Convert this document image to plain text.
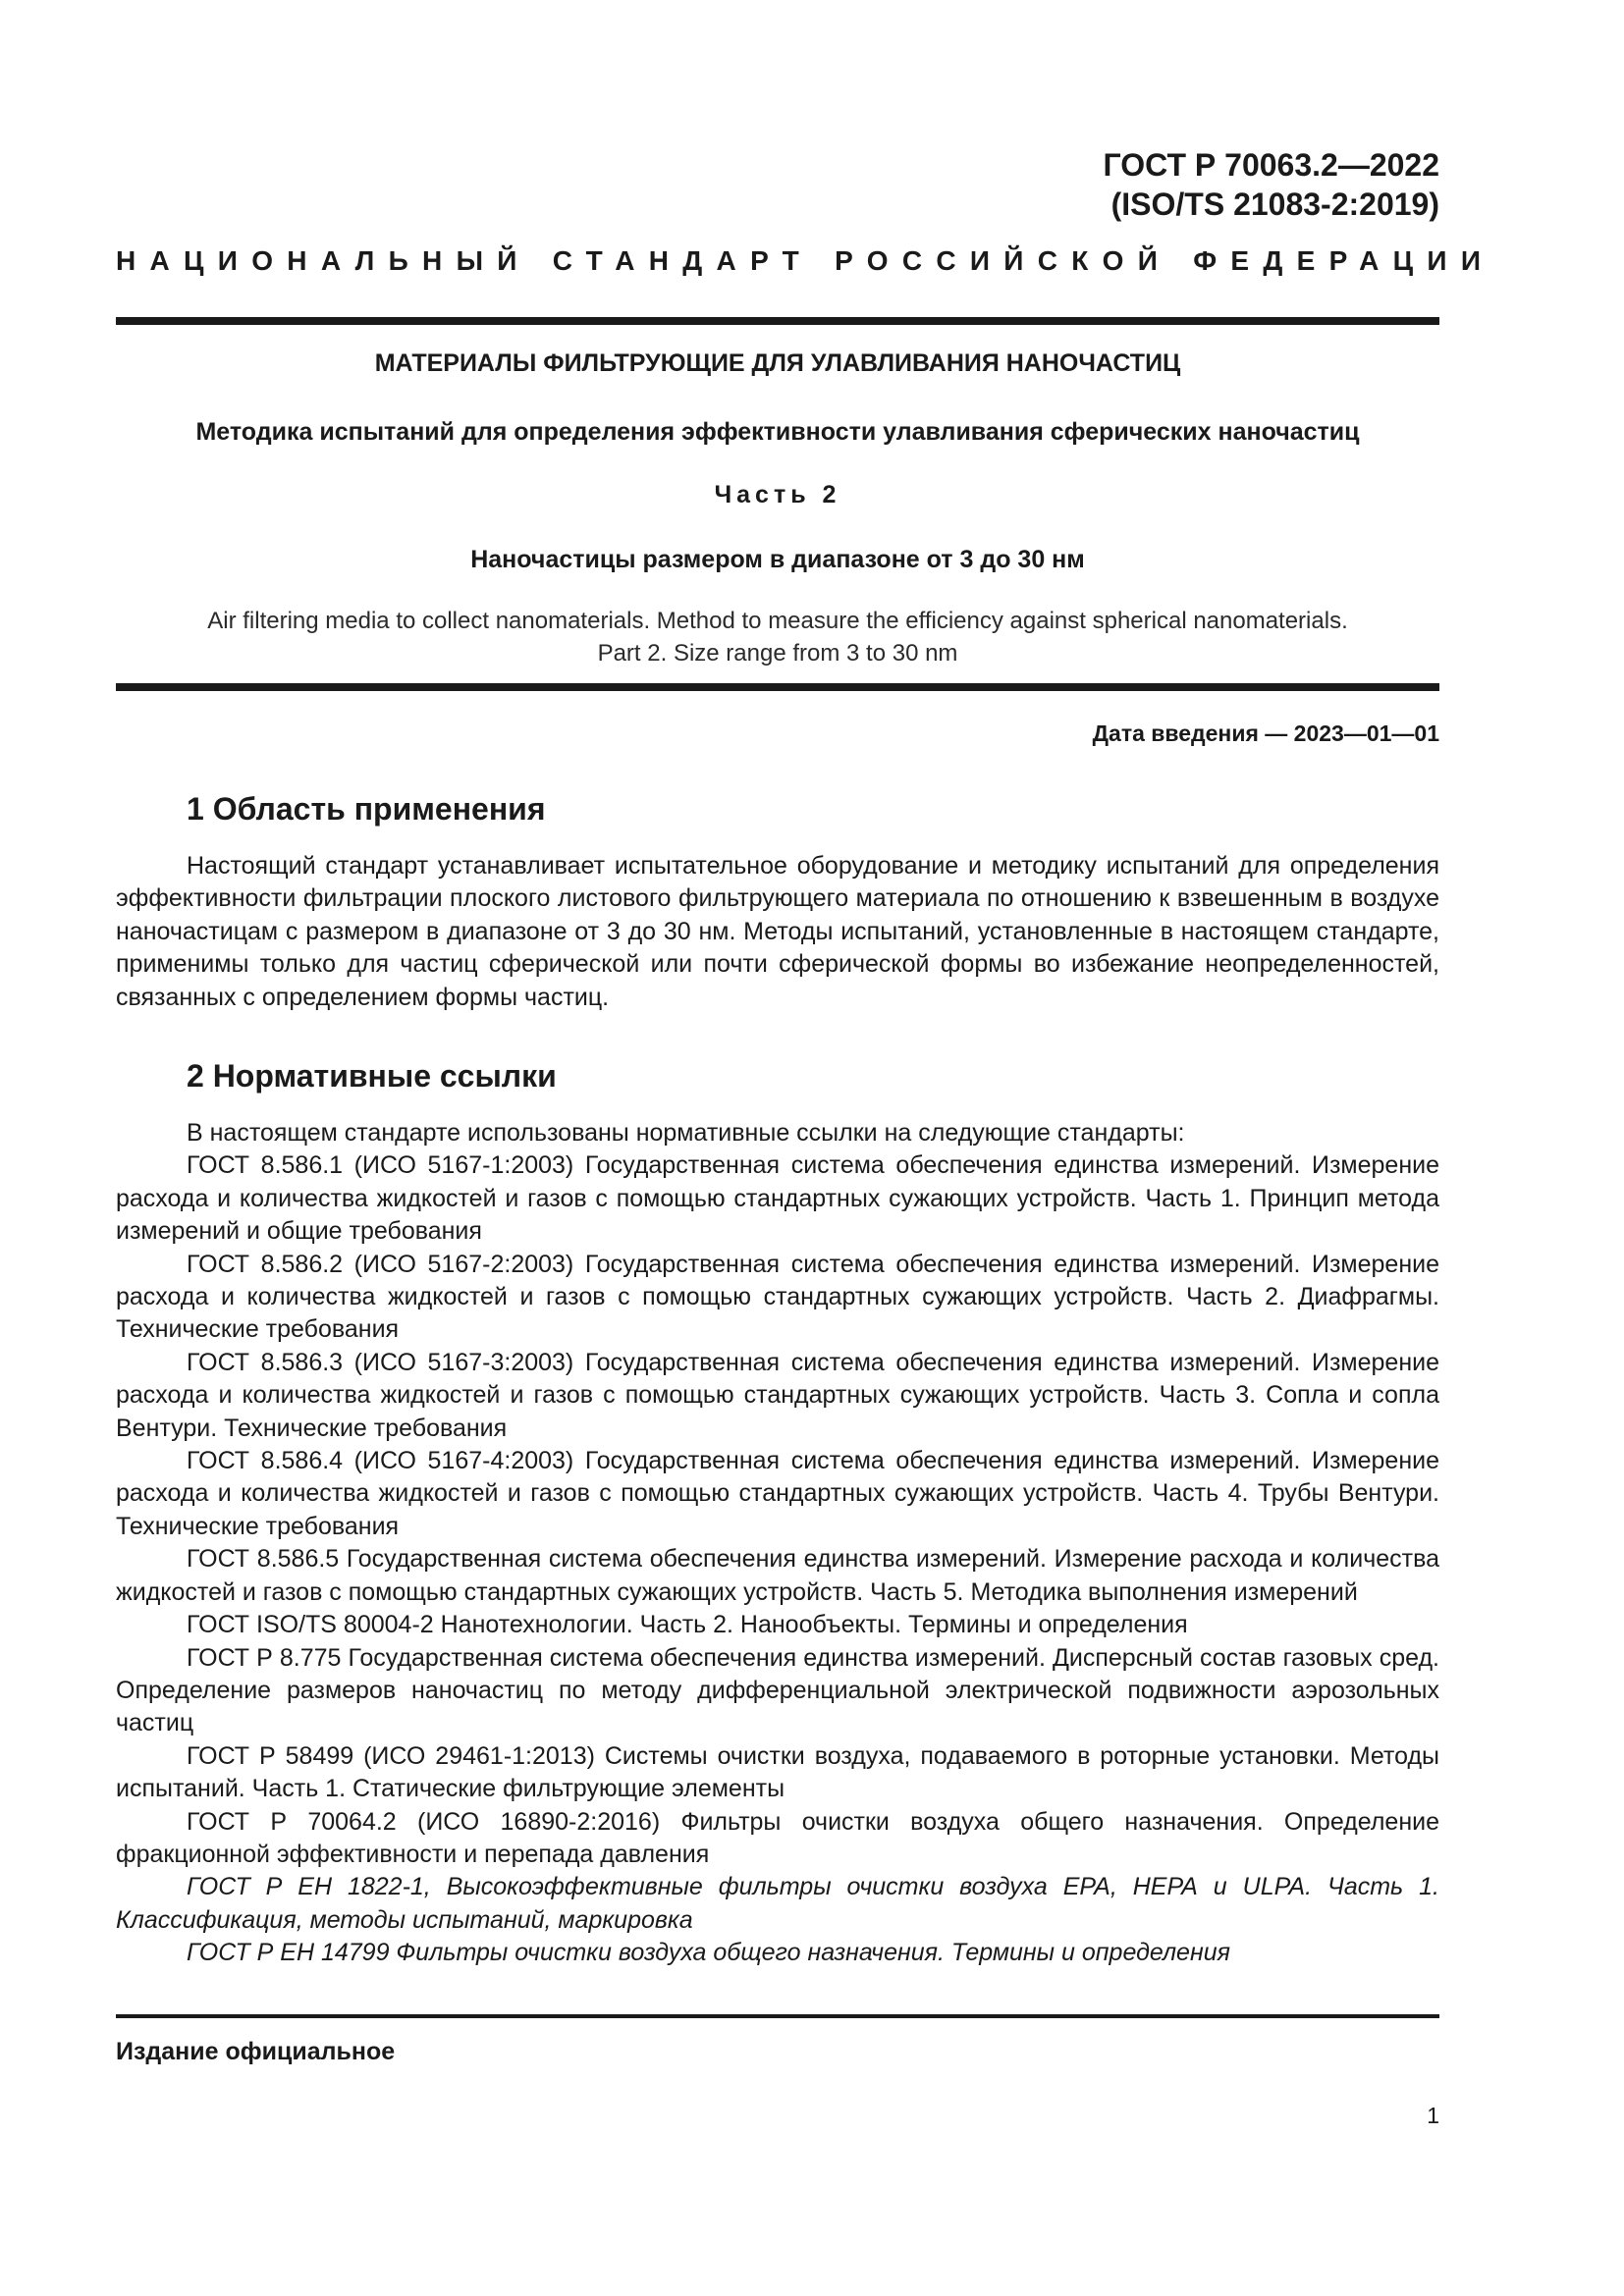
ГОСТ Р 70063.2—2022
(ISO/TS 21083-2:2019)
НАЦИОНАЛЬНЫЙ СТАНДАРТ РОССИЙСКОЙ ФЕДЕРАЦИИ
МАТЕРИАЛЫ ФИЛЬТРУЮЩИЕ ДЛЯ УЛАВЛИВАНИЯ НАНОЧАСТИЦ
Методика испытаний для определения эффективности улавливания сферических наночастиц
Часть 2
Наночастицы размером в диапазоне от 3 до 30 нм
Air filtering media to collect nanomaterials. Method to measure the efficiency against spherical nanomaterials.
Part 2. Size range from 3 to 30 nm
Дата введения — 2023—01—01
1 Область применения

Настоящий стандарт устанавливает испытательное оборудование и методику испытаний для определения эффективности фильтрации плоского листового фильтрующего материала по отношению к взвешенным в воздухе наночастицам с размером в диапазоне от 3 до 30 нм. Методы испытаний, установленные в настоящем стандарте, применимы только для частиц сферической или почти сферической формы во избежание неопределенностей, связанных с определением формы частиц.

2 Нормативные ссылки

В настоящем стандарте использованы нормативные ссылки на следующие стандарты:

ГОСТ 8.586.1 (ИСО 5167-1:2003) Государственная система обеспечения единства измерений. Измерение расхода и количества жидкостей и газов с помощью стандартных сужающих устройств. Часть 1. Принцип метода измерений и общие требования

ГОСТ 8.586.2 (ИСО 5167-2:2003) Государственная система обеспечения единства измерений. Измерение расхода и количества жидкостей и газов с помощью стандартных сужающих устройств. Часть 2. Диафрагмы. Технические требования

ГОСТ 8.586.3 (ИСО 5167-3:2003) Государственная система обеспечения единства измерений. Измерение расхода и количества жидкостей и газов с помощью стандартных сужающих устройств. Часть 3. Сопла и сопла Вентури. Технические требования

ГОСТ 8.586.4 (ИСО 5167-4:2003) Государственная система обеспечения единства измерений. Измерение расхода и количества жидкостей и газов с помощью стандартных сужающих устройств. Часть 4. Трубы Вентури. Технические требования

ГОСТ 8.586.5 Государственная система обеспечения единства измерений. Измерение расхода и количества жидкостей и газов с помощью стандартных сужающих устройств. Часть 5. Методика выполнения измерений

ГОСТ ISO/TS 80004-2 Нанотехнологии. Часть 2. Нанообъекты. Термины и определения

ГОСТ Р 8.775 Государственная система обеспечения единства измерений. Дисперсный состав газовых сред. Определение размеров наночастиц по методу дифференциальной электрической подвижности аэрозольных частиц

ГОСТ Р 58499 (ИСО 29461-1:2013) Системы очистки воздуха, подаваемого в роторные установки. Методы испытаний. Часть 1. Статические фильтрующие элементы

ГОСТ Р 70064.2 (ИСО 16890-2:2016) Фильтры очистки воздуха общего назначения. Определение фракционной эффективности и перепада давления

ГОСТ Р ЕН 1822-1, Высокоэффективные фильтры очистки воздуха ЕРА, НЕРА и ULPA. Часть 1. Классификация, методы испытаний, маркировка

ГОСТ Р ЕН 14799 Фильтры очистки воздуха общего назначения. Термины и определения

Издание официальное
1
